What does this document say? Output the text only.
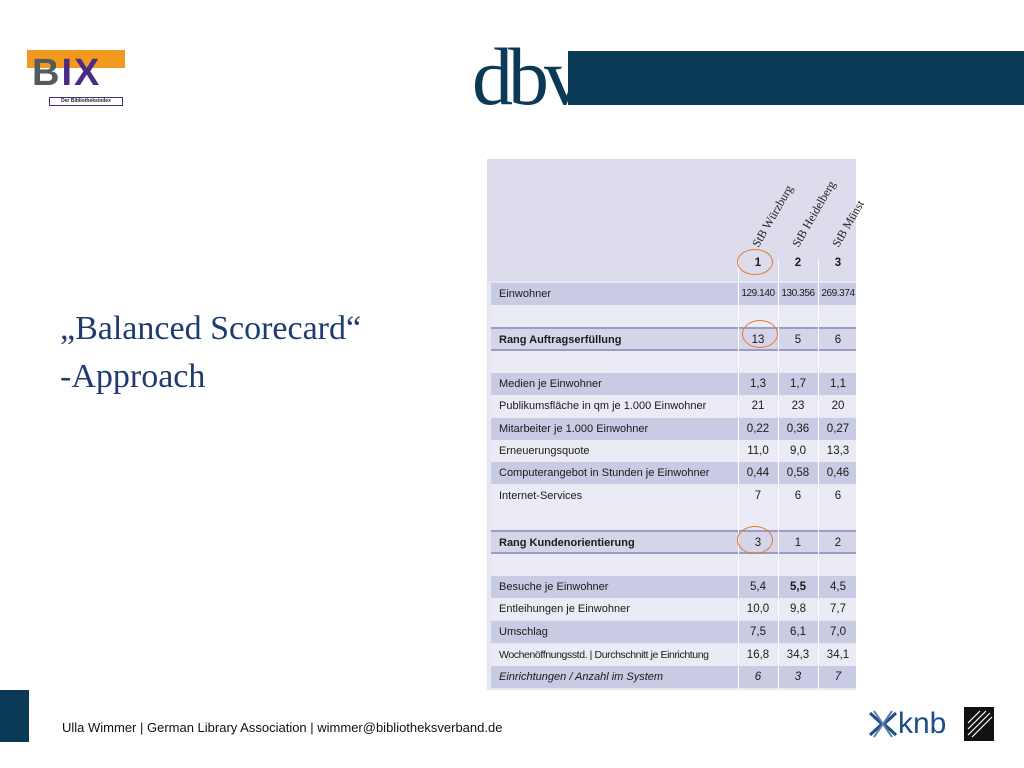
BIX
Der Bibliotheksindex	dbv
„Balanced Scorecard“
-Approach
StB Würzburg
StB Heidelberg
StB Münst
1	2	3
Einwohner	129.140 130.356 269.374
Rang Auftragserfüllung	13	5	6
Medien je Einwohner	1,3	1,7	1,1
Publikumsfläche in qm je 1.000 Einwohner	21	23	20
Mitarbeiter je 1.000 Einwohner	0,22	0,36	0,27
Erneuerungsquote	11,0	9,0	13,3
Computerangebot in Stunden je Einwohner	0,44	0,58	0,46
Internet-Services	7	6	6
Rang Kundenorientierung	3	1	2
Besuche je Einwohner	5,4	5,5	4,5
Entleihungen je Einwohner	10,0	9,8	7,7
Umschlag	7,5	6,1	7,0
Wochenöffnungsstd. | Durchschnitt je Einrichtung	16,8	34,3	34,1
Einrichtungen / Anzahl im System	6	3	7
Ulla Wimmer | German Library Association | wimmer@bibliotheksverband.de	knb
